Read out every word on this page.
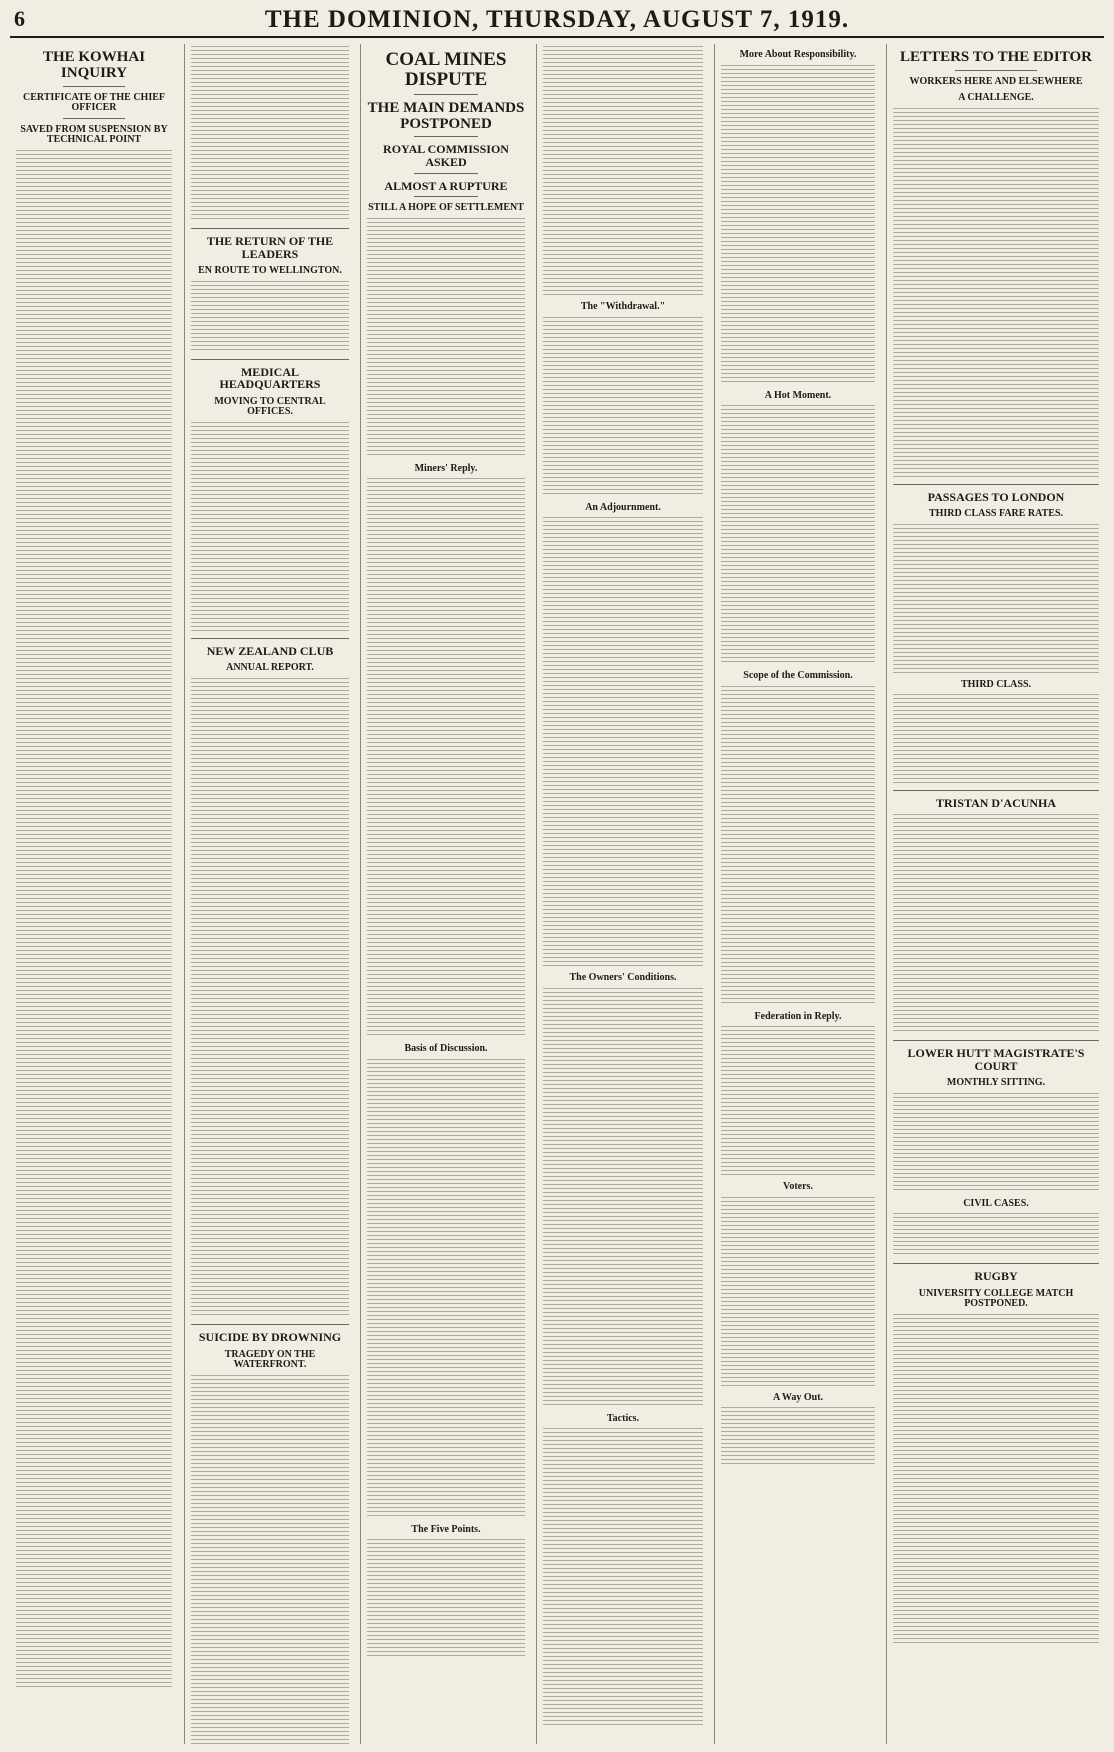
6	THE DOMINION, THURSDAY, AUGUST 7, 1919.
THE KOWHAI INQUIRY
CERTIFICATE OF THE CHIEF OFFICER
SAVED FROM SUSPENSION BY TECHNICAL POINT
THE RETURN OF THE LEADERS
EN ROUTE TO WELLINGTON.
MEDICAL HEADQUARTERS
MOVING TO CENTRAL OFFICES.
NEW ZEALAND CLUB
ANNUAL REPORT.
SUICIDE BY DROWNING
TRAGEDY ON THE WATERFRONT.
COAL MINES DISPUTE
THE MAIN DEMANDS POSTPONED
ROYAL COMMISSION ASKED
ALMOST A RUPTURE
STILL A HOPE OF SETTLEMENT
Miners' Reply.
Basis of Discussion.
The Five Points.
The "Withdrawal."
An Adjournment.
The Owners' Conditions.
Tactics.
More About Responsibility.
A Hot Moment.
Scope of the Commission.
Federation in Reply.
Voters.
A Way Out.
LETTERS TO THE EDITOR
WORKERS HERE AND ELSEWHERE
A CHALLENGE.
PASSAGES TO LONDON
THIRD CLASS FARE RATES.
THIRD CLASS.
TRISTAN D'ACUNHA
LOWER HUTT MAGISTRATE'S COURT
MONTHLY SITTING.
CIVIL CASES.
RUGBY
UNIVERSITY COLLEGE MATCH POSTPONED.
